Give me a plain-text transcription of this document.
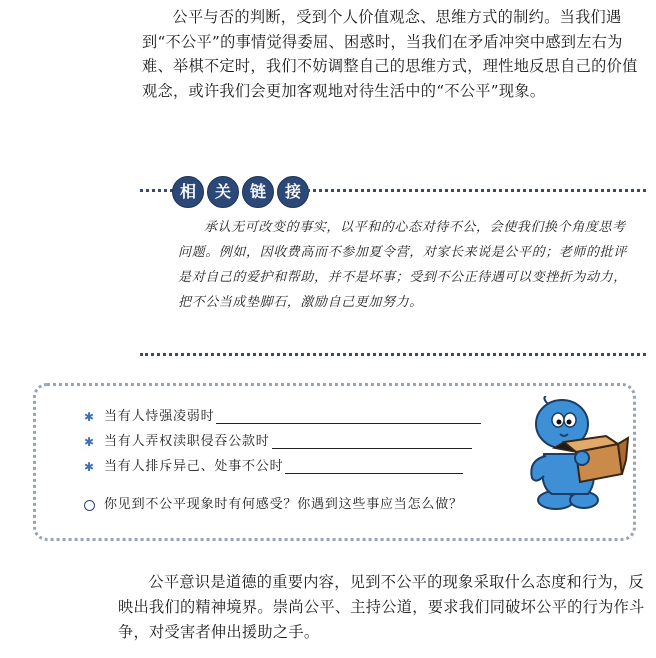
公平与否的判断，受到个人价值观念、思维方式的制约。当我们遇到“不公平”的事情觉得委屈、困惑时，当我们在矛盾冲突中感到左右为难、举棋不定时，我们不妨调整自己的思维方式，理性地反思自己的价值观念，或许我们会更加客观地对待生活中的“不公平”现象。

相	关	链	接

承认无可改变的事实，以平和的心态对待不公，会使我们换个角度思考问题。例如，因收费高而不参加夏令营，对家长来说是公平的；老师的批评是对自己的爱护和帮助，并不是坏事；受到不公正待遇可以变挫折为动力，把不公当成垫脚石，激励自己更加努力。

✱ 当有人恃强凌弱时
✱ 当有人弄权渎职侵吞公款时
✱ 当有人排斥异己、处事不公时
你见到不公平现象时有何感受？你遇到这些事应当怎么做？

公平意识是道德的重要内容，见到不公平的现象采取什么态度和行为，反映出我们的精神境界。崇尚公平、主持公道，要求我们同破坏公平的行为作斗争，对受害者伸出援助之手。
